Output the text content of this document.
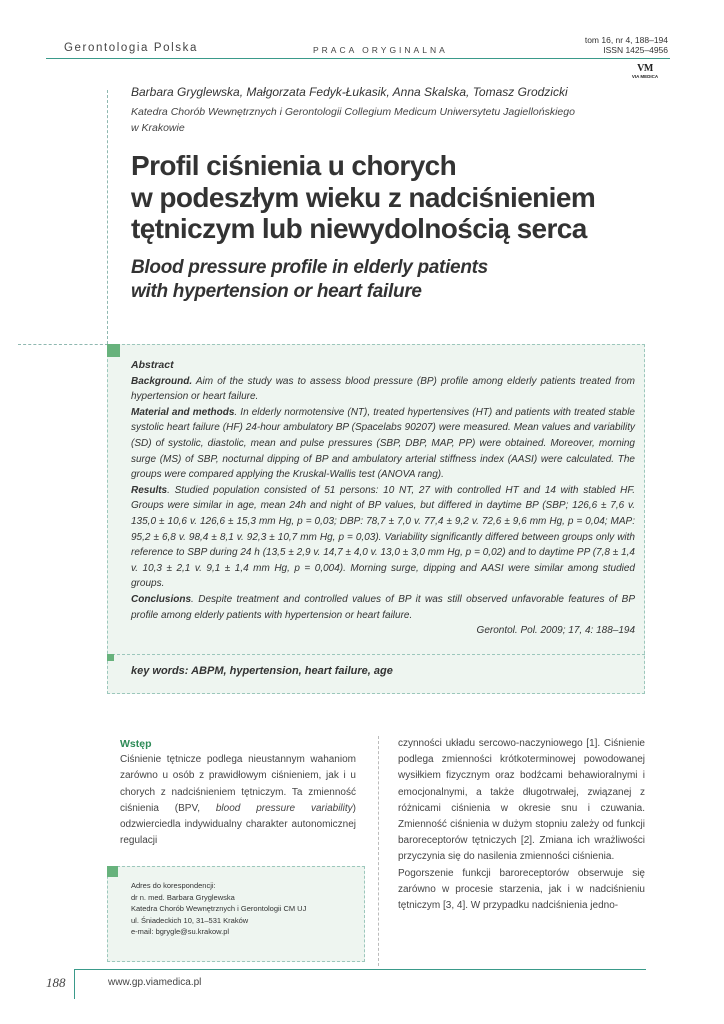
Gerontologia Polska	PRACA ORYGINALNA
tom 16, nr 4, 188–194
ISSN 1425–4956
VM
VIA MEDICA
Barbara Gryglewska, Małgorzata Fedyk-Łukasik, Anna Skalska, Tomasz Grodzicki
Katedra Chorób Wewnętrznych i Gerontologii Collegium Medicum Uniwersytetu Jagiellońskiego
w Krakowie
Profil ciśnienia u chorych
w podeszłym wieku z nadciśnieniem
tętniczym lub niewydolnością serca
Blood pressure profile in elderly patients
with hypertension or heart failure

Abstract

Background. Aim of the study was to assess blood pressure (BP) profile among elderly patients treated from hypertension or heart failure.

Material and methods. In elderly normotensive (NT), treated hypertensives (HT) and patients with treated stable systolic heart failure (HF) 24-hour ambulatory BP (Spacelabs 90207) were measured. Mean values and variability (SD) of systolic, diastolic, mean and pulse pressures (SBP, DBP, MAP, PP) were obtained. Moreover, morning surge (MS) of SBP, nocturnal dipping of BP and ambulatory arterial stiffness index (AASI) were calculated. The groups were compared applying the Kruskal-Wallis test (ANOVA rang).

Results. Studied population consisted of 51 persons: 10 NT, 27 with controlled HT and 14 with stabled HF. Groups were similar in age, mean 24h and night of BP values, but differed in daytime BP (SBP; 126,6 ± 7,6 v. 135,0 ± 10,6 v. 126,6 ± 15,3 mm Hg, p = 0,03; DBP: 78,7 ± 7,0 v. 77,4 ± 9,2 v. 72,6 ± 9,6 mm Hg, p = 0,04; MAP: 95,2 ± 6,8 v. 98,4 ± 8,1 v. 92,3 ± 10,7 mm Hg, p = 0,03). Variability significantly differed between groups only with reference to SBP during 24 h (13,5 ± 2,9 v. 14,7 ± 4,0 v. 13,0 ± 3,0 mm Hg, p = 0,02) and to daytime PP (7,8 ± 1,4 v. 10,3 ± 2,1 v. 9,1 ± 1,4 mm Hg, p = 0,004). Morning surge, dipping and AASI were similar among studied groups.

Conclusions. Despite treatment and controlled values of BP it was still observed unfavorable features of BP profile among elderly patients with hypertension or heart failure.

Gerontol. Pol. 2009; 17, 4: 188–194

key words: ABPM, hypertension, heart failure, age

Wstęp

Ciśnienie tętnicze podlega nieustannym wahaniom zarówno u osób z prawidłowym ciśnieniem, jak i u chorych z nadciśnieniem tętniczym. Ta zmienność ciśnienia (BPV, blood pressure variability) odzwierciedla indywidualny charakter autonomicznej regulacji

czynności układu sercowo-naczyniowego [1]. Ciśnienie podlega zmienności krótkoterminowej powodowanej wysiłkiem fizycznym oraz bodźcami behawioralnymi i emocjonalnymi, a także długotrwałej, związanej z różnicami ciśnienia w okresie snu i czuwania. Zmienność ciśnienia w dużym stopniu zależy od funkcji baroreceptorów tętniczych [2]. Zmiana ich wrażliwości przyczynia się do nasilenia zmienności ciśnienia.

Pogorszenie funkcji baroreceptorów obserwuje się zarówno w procesie starzenia, jak i w nadciśnieniu tętniczym [3, 4]. W przypadku nadciśnienia jedno-

Adres do korespondencji:
dr n. med. Barbara Gryglewska
Katedra Chorób Wewnętrznych i Gerontologii CM UJ
ul. Śniadeckich 10, 31–531 Kraków
e-mail: bgrygle@su.krakow.pl
188	www.gp.viamedica.pl
